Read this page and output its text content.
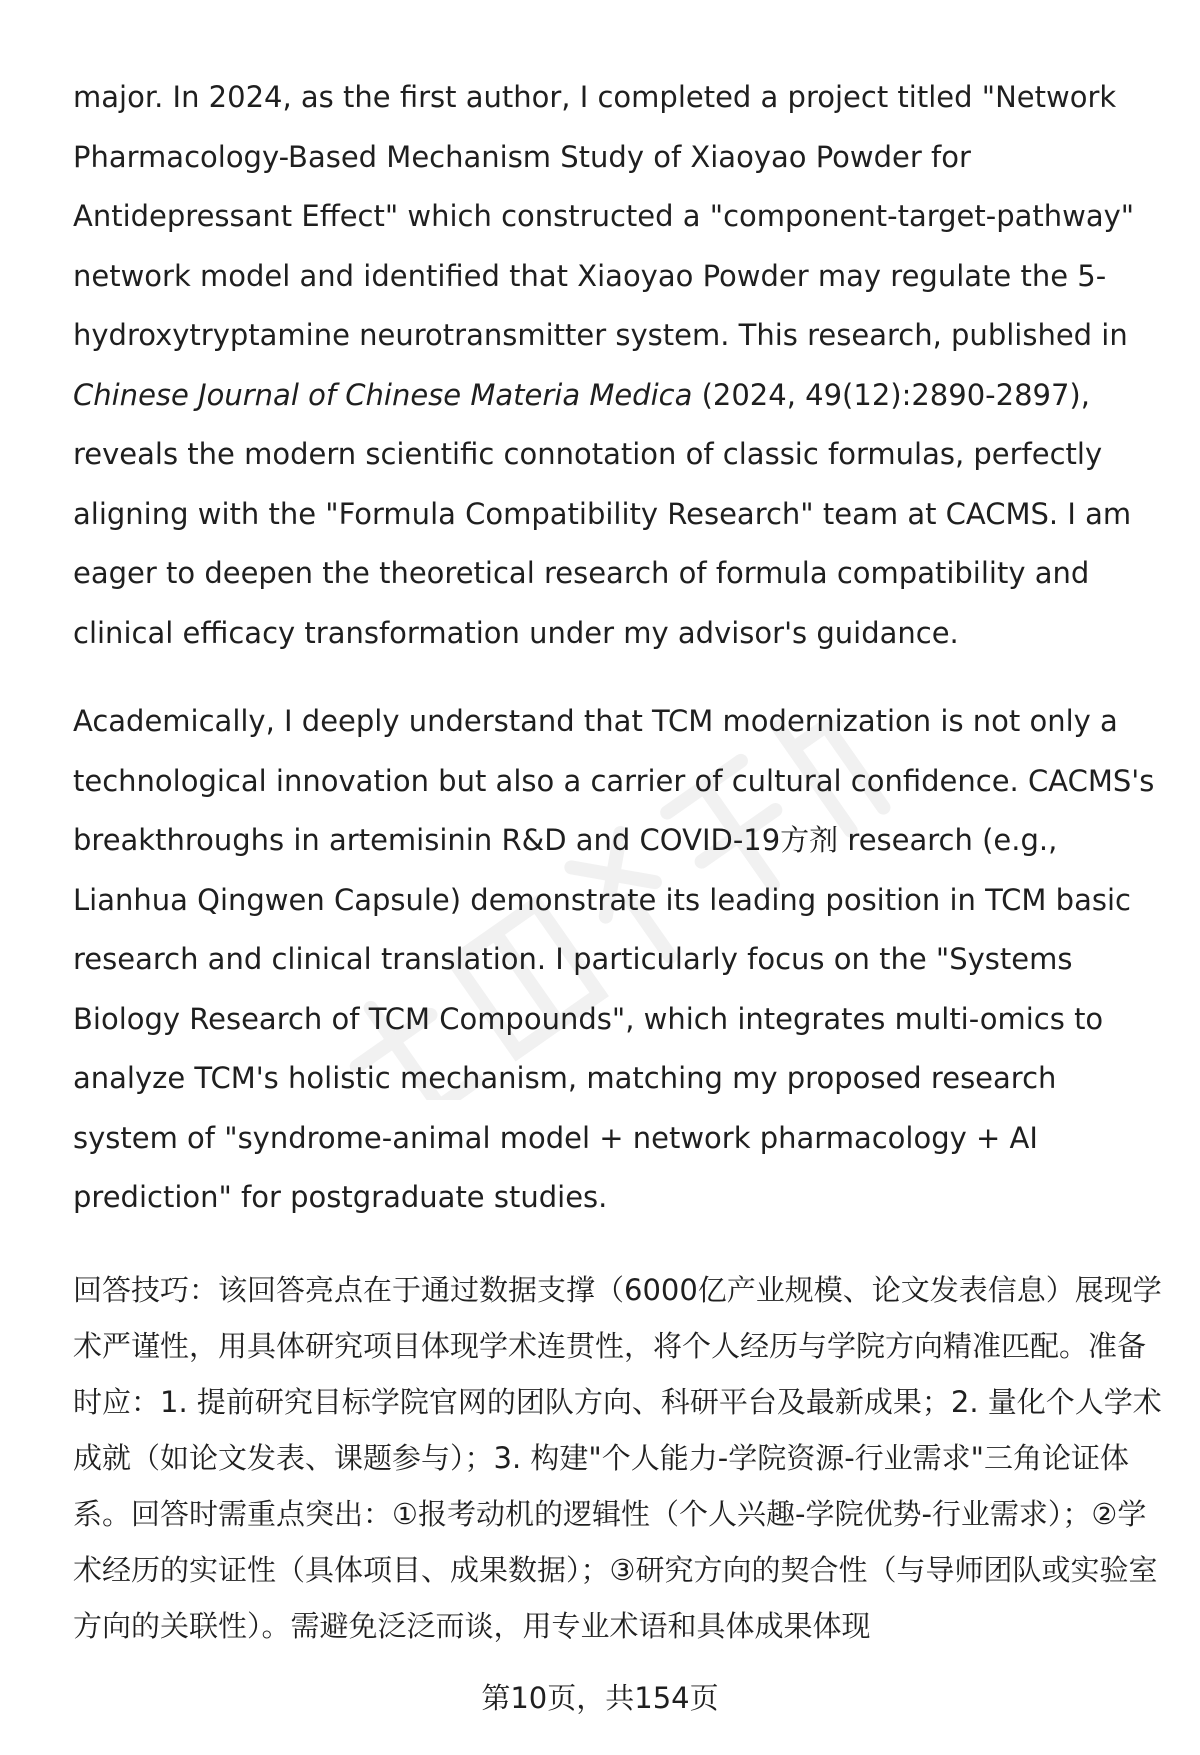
major. In 2024, as the first author, I completed a project titled "Network Pharmacology-Based Mechanism Study of Xiaoyao Powder for Antidepressant Effect" which constructed a "component-target-pathway" network model and identified that Xiaoyao Powder may regulate the 5-hydroxytryptamine neurotransmitter system. This research, published in Chinese Journal of Chinese Materia Medica (2024, 49(12):2890-2897), reveals the modern scientific connotation of classic formulas, perfectly aligning with the "Formula Compatibility Research" team at CACMS. I am eager to deepen the theoretical research of formula compatibility and clinical efficacy transformation under my advisor's guidance.

Academically, I deeply understand that TCM modernization is not only a technological innovation but also a carrier of cultural confidence. CACMS's breakthroughs in artemisinin R&D and COVID-19方剂 research (e.g., Lianhua Qingwen Capsule) demonstrate its leading position in TCM basic research and clinical translation. I particularly focus on the "Systems Biology Research of TCM Compounds", which integrates multi-omics to analyze TCM's holistic mechanism, matching my proposed research system of "syndrome-animal model + network pharmacology + AI prediction" for postgraduate studies.

回答技巧：该回答亮点在于通过数据支撑（6000亿产业规模、论文发表信息）展现学术严谨性，用具体研究项目体现学术连贯性，将个人经历与学院方向精准匹配。准备时应：1. 提前研究目标学院官网的团队方向、科研平台及最新成果；2. 量化个人学术成就（如论文发表、课题参与）；3. 构建"个人能力-学院资源-行业需求"三角论证体系。回答时需重点突出：①报考动机的逻辑性（个人兴趣-学院优势-行业需求）；②学术经历的实证性（具体项目、成果数据）；③研究方向的契合性（与导师团队或实验室方向的关联性）。需避免泛泛而谈，用专业术语和具体成果体现
第10页，共154页
